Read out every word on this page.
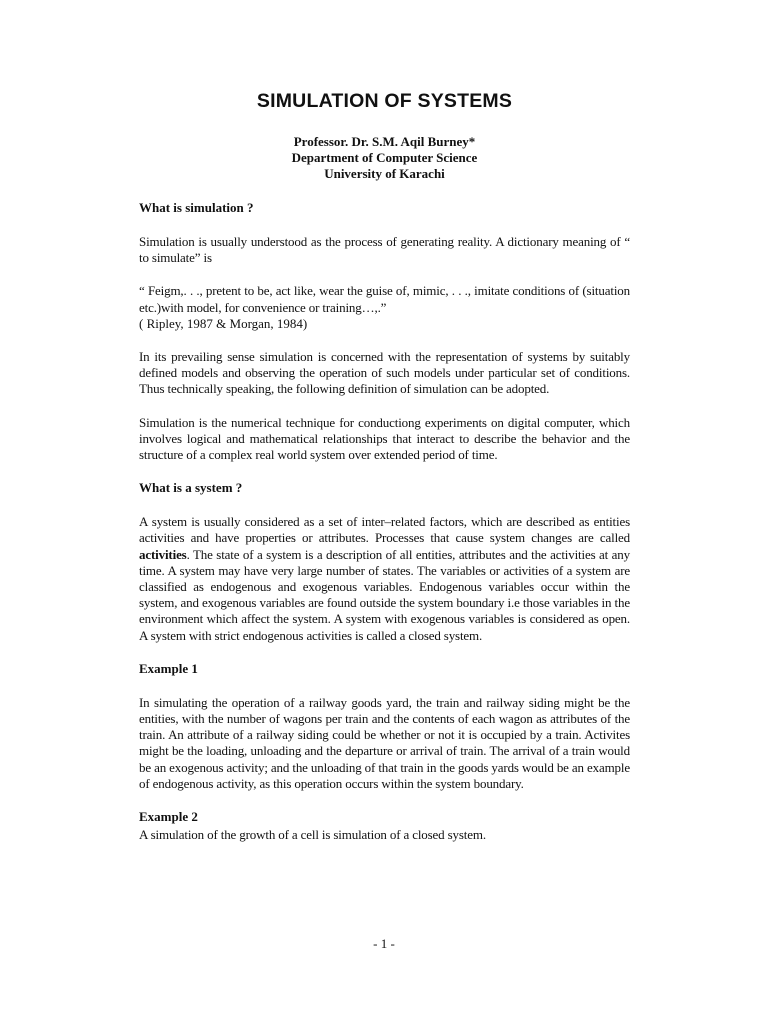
SIMULATION OF SYSTEMS

Professor. Dr. S.M. Aqil Burney*

Department of Computer Science

University of Karachi

What is simulation ?

Simulation is usually understood as the process of generating reality. A dictionary meaning of “ to simulate” is

“ Feigm,. . ., pretent to be, act like, wear the guise of, mimic, . . ., imitate conditions of (situation etc.)with model, for convenience or training…,.”

( Ripley, 1987 & Morgan, 1984)

In its prevailing sense simulation is concerned with the representation of systems by suitably defined models and observing the operation of such models under particular set of conditions. Thus technically speaking, the following definition of simulation can be adopted.

Simulation is the numerical technique for conductiong experiments on digital computer, which involves logical and mathematical relationships that interact to describe the behavior and the structure of a complex real world system over extended period of time.

What is a system ?

A system is usually considered as a set of inter–related factors, which are described as entities activities and have properties or attributes. Processes that cause system changes are called activities. The state of a system is a description of all entities, attributes and the activities at any time. A system may have very large number of states. The variables or activities of a system are classified as endogenous and exogenous variables. Endogenous variables occur within the system, and exogenous variables are found outside the system boundary i.e those variables in the environment which affect the system. A system with exogenous variables is considered as open. A system with strict endogenous activities is called a closed system.

Example 1

In simulating the operation of a railway goods yard, the train and railway siding might be the entities, with the number of wagons per train and the contents of each wagon as attributes of the train. An attribute of a railway siding could be whether or not it is occupied by a train. Activites might be the loading, unloading and the departure or arrival of train. The arrival of a train would be an exogenous activity; and the unloading of that train in the goods yards would be an example of endogenous activity, as this operation occurs within the system boundary.

Example 2

A simulation of the growth of a cell is simulation of a closed system.

- 1 -
